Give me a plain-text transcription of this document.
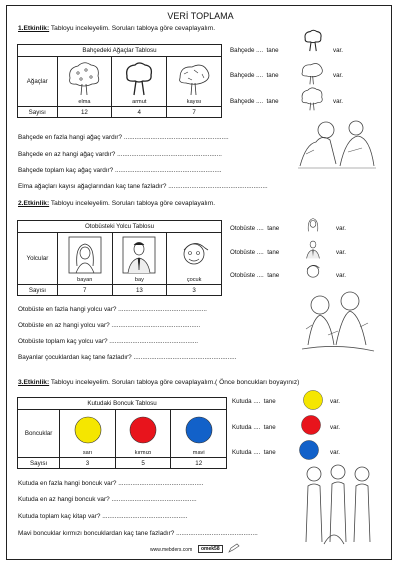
VERİ TOPLAMA
1.Etkinlik: Tabloyu inceleyelim. Soruları tabloya göre cevaplayalım.
Bahçedeki Ağaçlar Tablosu			
Ağaçlar	elma	armut	kayısı

Sayısı	12	4	7
Bahçede .... tane	var.
Bahçede .... tane	var.
Bahçede .... tane	var.
Bahçede en fazla hangi ağaç vardır? ...........................................................
Bahçede en az hangi ağaç vardır? ...........................................................
Bahçede toplam kaç ağaç vardır? ............................................................
Elma ağaçları kayısı ağaçlarından kaç tane fazladır? ........................................................
2.Etkinlik: Tabloyu inceleyelim. Soruları tabloya göre cevaplayalım.
Otobüsteki Yolcu Tablosu			
Yolcular	bayan	bay	çocuk

Sayısı	7	13	3
Otobüste .... tane	var.
Otobüste .... tane	var.
Otobüste .... tane	var.
Otobüste en fazla hangi yolcu var? ..................................................
Otobüste en az hangi yolcu var? ..................................................
Otobüste toplam kaç yolcu var? ..................................................
Bayanlar çocuklardan kaç tane fazladır? ..........................................................
3.Etkinlik: Tabloyu inceleyelim. Soruları tabloya göre cevaplayalım.( Önce boncukları boyayınız)
Kutudaki Boncuk Tablosu			
Boncuklar	sarı	kırmızı	mavi

Sayısı	3	5	12
Kutuda .... tane	var.
Kutuda .... tane	var.
Kutuda .... tane	var.
Kutuda en fazla hangi boncuk var? ................................................
Kutuda en az hangi boncuk var? ................................................
Kutuda toplam kaç kitap var? ................................................
Mavi boncuklar kırmızı boncuklardan kaç tane fazladır? ..............................................
www.mebders.com	omek58
